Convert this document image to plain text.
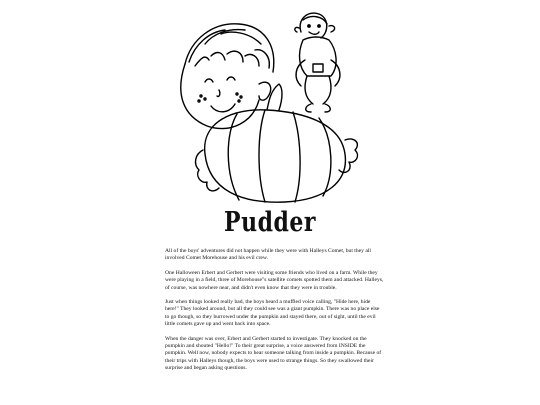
Pudder

All of the boys' adventures did not happen while they were with Halleys Comet, but they all involved Comet Morehouse and his evil crew.

One Halloween Erbert and Gerbert were visiting some friends who lived on a farm. While they were playing in a field, three of Morehouse"s satellite comets spotted them and attacked. Halleys, of course, was nowhere near, and didn't even know that they were in trouble.

Just when things looked really bad, the boys heard a muffled voice calling, "Hide here, hide here!" They looked around, but all they could see was a giant pumpkin. There was no place else to go though, so they burrowed under the pumpkin and stayed there, out of sight, until the evil little comets gave up and went back into space.

When the danger was over, Erbert and Gerbert started to investigate. They knocked on the pumpkin and shouted "Hello!" To their great surprise, a voice answered from INSIDE the pumpkin. Well now, nobody expects to hear someone talking from inside a pumpkin. Because of their trips with Halleys though, the boys were used to strange things. So they swallowed their surprise and began asking questions.
